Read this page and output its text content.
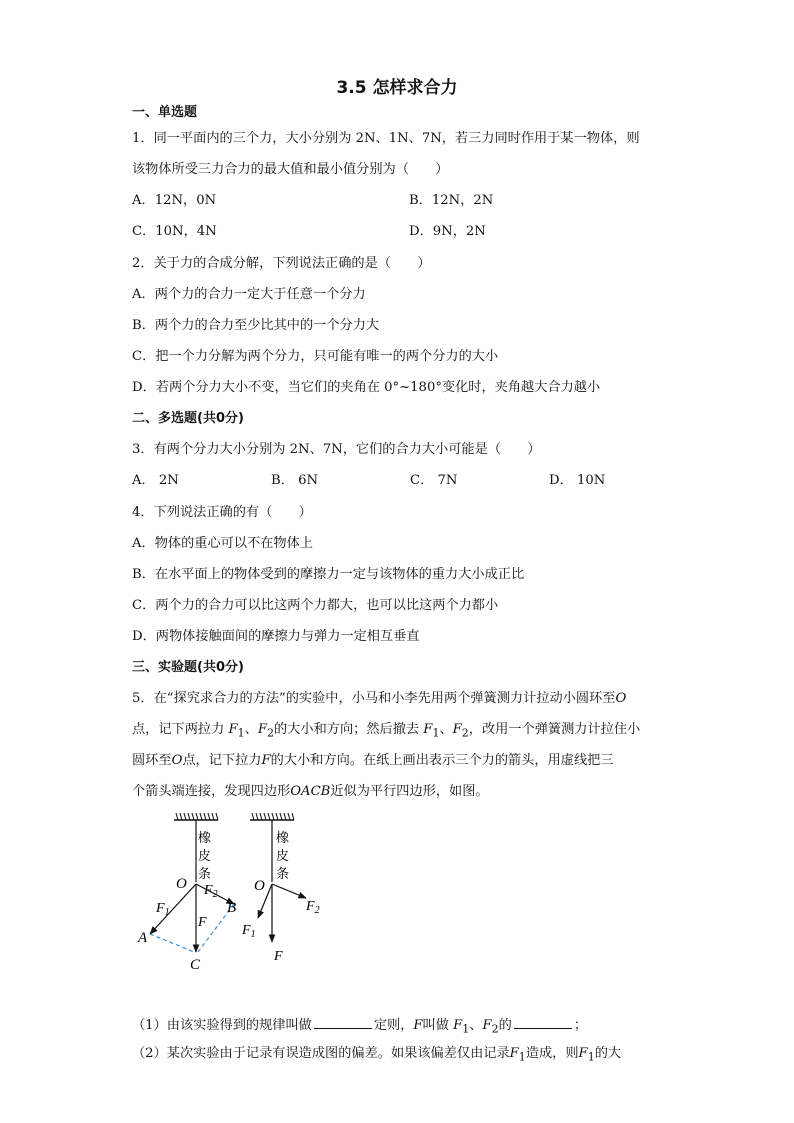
3.5 怎样求合力
一、单选题
1．同一平面内的三个力，大小分别为 2N、1N、7N，若三力同时作用于某一物体，则
该物体所受三力合力的最大值和最小值分别为（　　）
A．12N，0N	B．12N，2N
C．10N，4N	D．9N，2N
2．关于力的合成分解，下列说法正确的是（　　）
A．两个力的合力一定大于任意一个分力
B．两个力的合力至少比其中的一个分力大
C．把一个力分解为两个分力，只可能有唯一的两个分力的大小
D．若两个分力大小不变，当它们的夹角在 0°~180°变化时，夹角越大合力越小
二、多选题(共0分)
3．有两个分力大小分别为 2N、7N，它们的合力大小可能是（　　）
A． 2N	B． 6N	C． 7N	D． 10N
4．下列说法正确的有（　　）
A．物体的重心可以不在物体上
B．在水平面上的物体受到的摩擦力一定与该物体的重力大小成正比
C．两个力的合力可以比这两个力都大，也可以比这两个力都小
D．两物体接触面间的摩擦力与弹力一定相互垂直
三、实验题(共0分)
5．在“探究求合力的方法”的实验中，小马和小李先用两个弹簧测力计拉动小圆环至O
点，记下两拉力 $F_1$、$F_2$的大小和方向；然后撤去 $F_1$、$F_2$，改用一个弹簧测力计拉住小
圆环至O点，记下拉力F的大小和方向。在纸上画出表示三个力的箭头，用虚线把三
个箭头端连接，发现四边形OACB近似为平行四边形，如图。
橡
皮
条
O $F_2$
B
$F_1$
F
A
C
橡
皮
条
O
$F_2$
$F_1$
F
（1）由该实验得到的规律叫做	定则，F叫做 $F_1$、$F_2$的	；
（2）某次实验由于记录有误造成图的偏差。如果该偏差仅由记录$F_1$造成，则$F_1$的大
